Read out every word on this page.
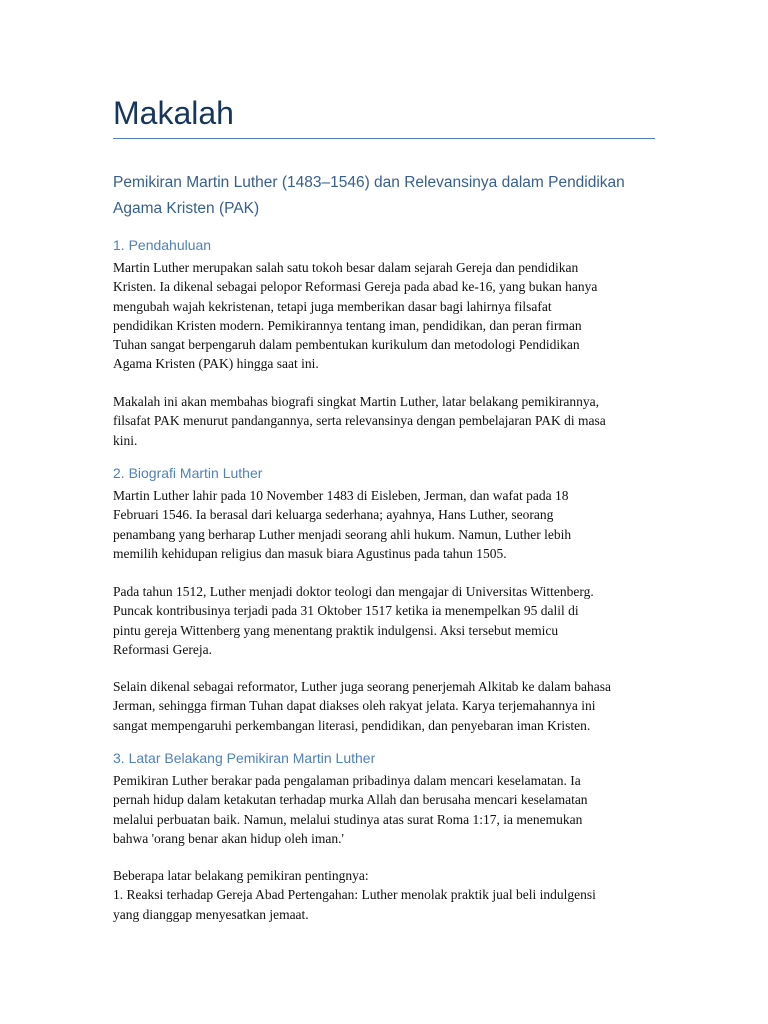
Makalah
Pemikiran Martin Luther (1483–1546) dan Relevansinya dalam Pendidikan
Agama Kristen (PAK)
1. Pendahuluan

Martin Luther merupakan salah satu tokoh besar dalam sejarah Gereja dan pendidikan
Kristen. Ia dikenal sebagai pelopor Reformasi Gereja pada abad ke-16, yang bukan hanya
mengubah wajah kekristenan, tetapi juga memberikan dasar bagi lahirnya filsafat
pendidikan Kristen modern. Pemikirannya tentang iman, pendidikan, dan peran firman
Tuhan sangat berpengaruh dalam pembentukan kurikulum dan metodologi Pendidikan
Agama Kristen (PAK) hingga saat ini.

Makalah ini akan membahas biografi singkat Martin Luther, latar belakang pemikirannya,
filsafat PAK menurut pandangannya, serta relevansinya dengan pembelajaran PAK di masa
kini.

2. Biografi Martin Luther

Martin Luther lahir pada 10 November 1483 di Eisleben, Jerman, dan wafat pada 18
Februari 1546. Ia berasal dari keluarga sederhana; ayahnya, Hans Luther, seorang
penambang yang berharap Luther menjadi seorang ahli hukum. Namun, Luther lebih
memilih kehidupan religius dan masuk biara Agustinus pada tahun 1505.

Pada tahun 1512, Luther menjadi doktor teologi dan mengajar di Universitas Wittenberg.
Puncak kontribusinya terjadi pada 31 Oktober 1517 ketika ia menempelkan 95 dalil di
pintu gereja Wittenberg yang menentang praktik indulgensi. Aksi tersebut memicu
Reformasi Gereja.

Selain dikenal sebagai reformator, Luther juga seorang penerjemah Alkitab ke dalam bahasa
Jerman, sehingga firman Tuhan dapat diakses oleh rakyat jelata. Karya terjemahannya ini
sangat mempengaruhi perkembangan literasi, pendidikan, dan penyebaran iman Kristen.

3. Latar Belakang Pemikiran Martin Luther

Pemikiran Luther berakar pada pengalaman pribadinya dalam mencari keselamatan. Ia
pernah hidup dalam ketakutan terhadap murka Allah dan berusaha mencari keselamatan
melalui perbuatan baik. Namun, melalui studinya atas surat Roma 1:17, ia menemukan
bahwa 'orang benar akan hidup oleh iman.'

Beberapa latar belakang pemikiran pentingnya:
1. Reaksi terhadap Gereja Abad Pertengahan: Luther menolak praktik jual beli indulgensi
yang dianggap menyesatkan jemaat.
